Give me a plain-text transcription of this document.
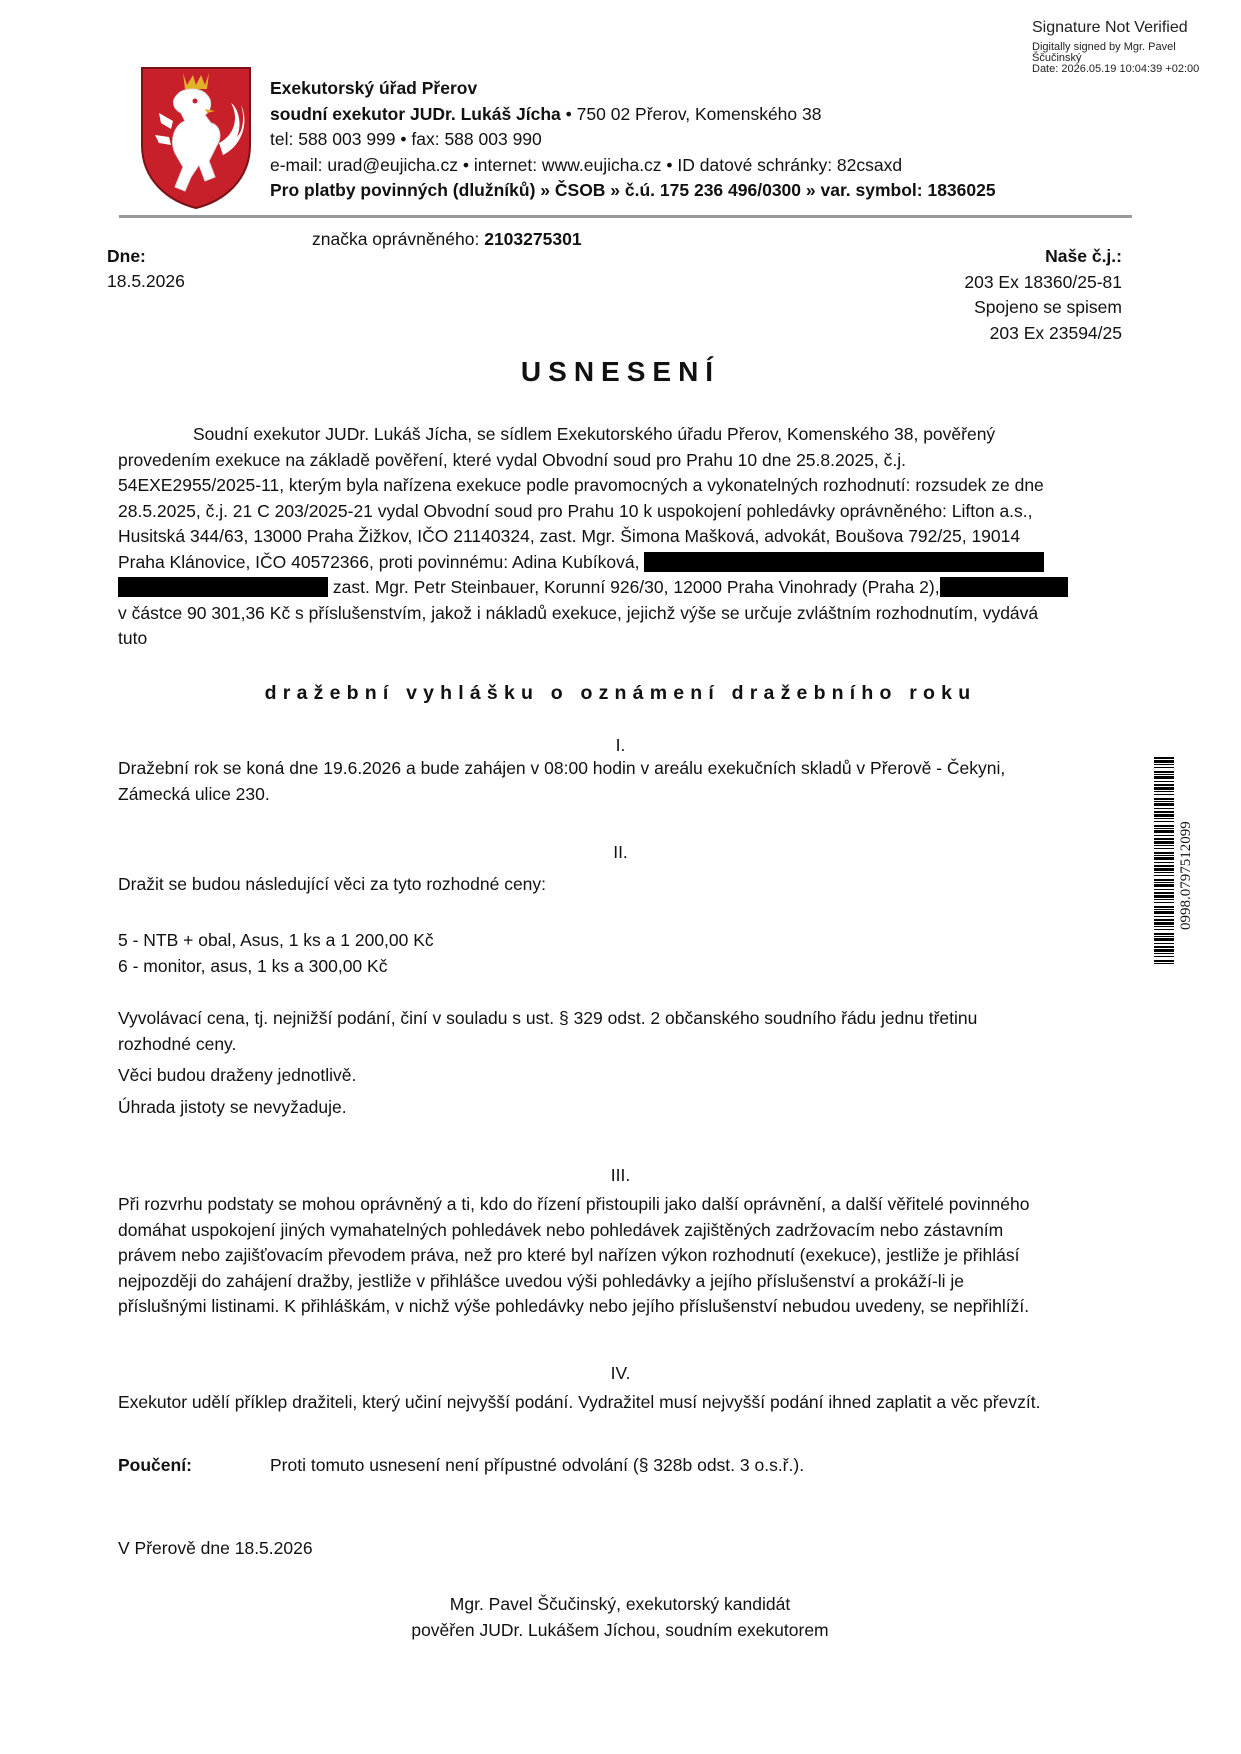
Signature Not Verified
Digitally signed by Mgr. Pavel
Ščučinský
Date: 2026.05.19 10:04:39 +02:00
Exekutorský úřad Přerov
soudní exekutor JUDr. Lukáš Jícha • 750 02 Přerov, Komenského 38
tel: 588 003 999 • fax: 588 003 990
e-mail: urad@eujicha.cz • internet: www.eujicha.cz • ID datové schránky: 82csaxd
Pro platby povinných (dlužníků) » ČSOB » č.ú. 175 236 496/0300 » var. symbol: 1836025
značka oprávněného: 2103275301
Dne:
18.5.2026
Naše č.j.:
203 Ex 18360/25-81
Spojeno se spisem
203 Ex 23594/25
USNESENÍ
Soudní exekutor JUDr. Lukáš Jícha, se sídlem Exekutorského úřadu Přerov, Komenského 38, pověřený
provedením exekuce na základě pověření, které vydal Obvodní soud pro Prahu 10 dne 25.8.2025, č.j.
54EXE2955/2025-11, kterým byla nařízena exekuce podle pravomocných a vykonatelných rozhodnutí: rozsudek ze dne
28.5.2025, č.j. 21 C 203/2025-21 vydal Obvodní soud pro Prahu 10 k uspokojení pohledávky oprávněného: Lifton a.s.,
Husitská 344/63, 13000 Praha Žižkov, IČO 21140324, zast. Mgr. Šimona Mašková, advokát, Boušova 792/25, 19014
Praha Klánovice, IČO 40572366, proti povinnému: Adina Kubíková,
zast. Mgr. Petr Steinbauer, Korunní 926/30, 12000 Praha Vinohrady (Praha 2),
v částce 90 301,36 Kč s příslušenstvím, jakož i nákladů exekuce, jejichž výše se určuje zvláštním rozhodnutím, vydává
tuto
dražební vyhlášku o oznámení dražebního roku
I.
Dražební rok se koná dne 19.6.2026 a bude zahájen v 08:00 hodin v areálu exekučních skladů v Přerově - Čekyni,
Zámecká ulice 230.
II.
Dražit se budou následující věci za tyto rozhodné ceny:
5 - NTB + obal, Asus, 1 ks a 1 200,00 Kč
6 - monitor, asus, 1 ks a 300,00 Kč
Vyvolávací cena, tj. nejnižší podání, činí v souladu s ust. § 329 odst. 2 občanského soudního řádu jednu třetinu
rozhodné ceny.
Věci budou draženy jednotlivě.
Úhrada jistoty se nevyžaduje.
III.
Při rozvrhu podstaty se mohou oprávněný a ti, kdo do řízení přistoupili jako další oprávnění, a další věřitelé povinného
domáhat uspokojení jiných vymahatelných pohledávek nebo pohledávek zajištěných zadržovacím nebo zástavním
právem nebo zajišťovacím převodem práva, než pro které byl nařízen výkon rozhodnutí (exekuce), jestliže je přihlásí
nejpozději do zahájení dražby, jestliže v přihlášce uvedou výši pohledávky a jejího příslušenství a prokáží-li je
příslušnými listinami. K přihláškám, v nichž výše pohledávky nebo jejího příslušenství nebudou uvedeny, se nepřihlíží.
IV.
Exekutor udělí příklep dražiteli, který učiní nejvyšší podání. Vydražitel musí nejvyšší podání ihned zaplatit a věc převzít.
Poučení:	Proti tomuto usnesení není přípustné odvolání (§ 328b odst. 3 o.s.ř.).
V Přerově dne 18.5.2026
Mgr. Pavel Ščučinský, exekutorský kandidát
pověřen JUDr. Lukášem Jíchou, soudním exekutorem
0998.0797512099
